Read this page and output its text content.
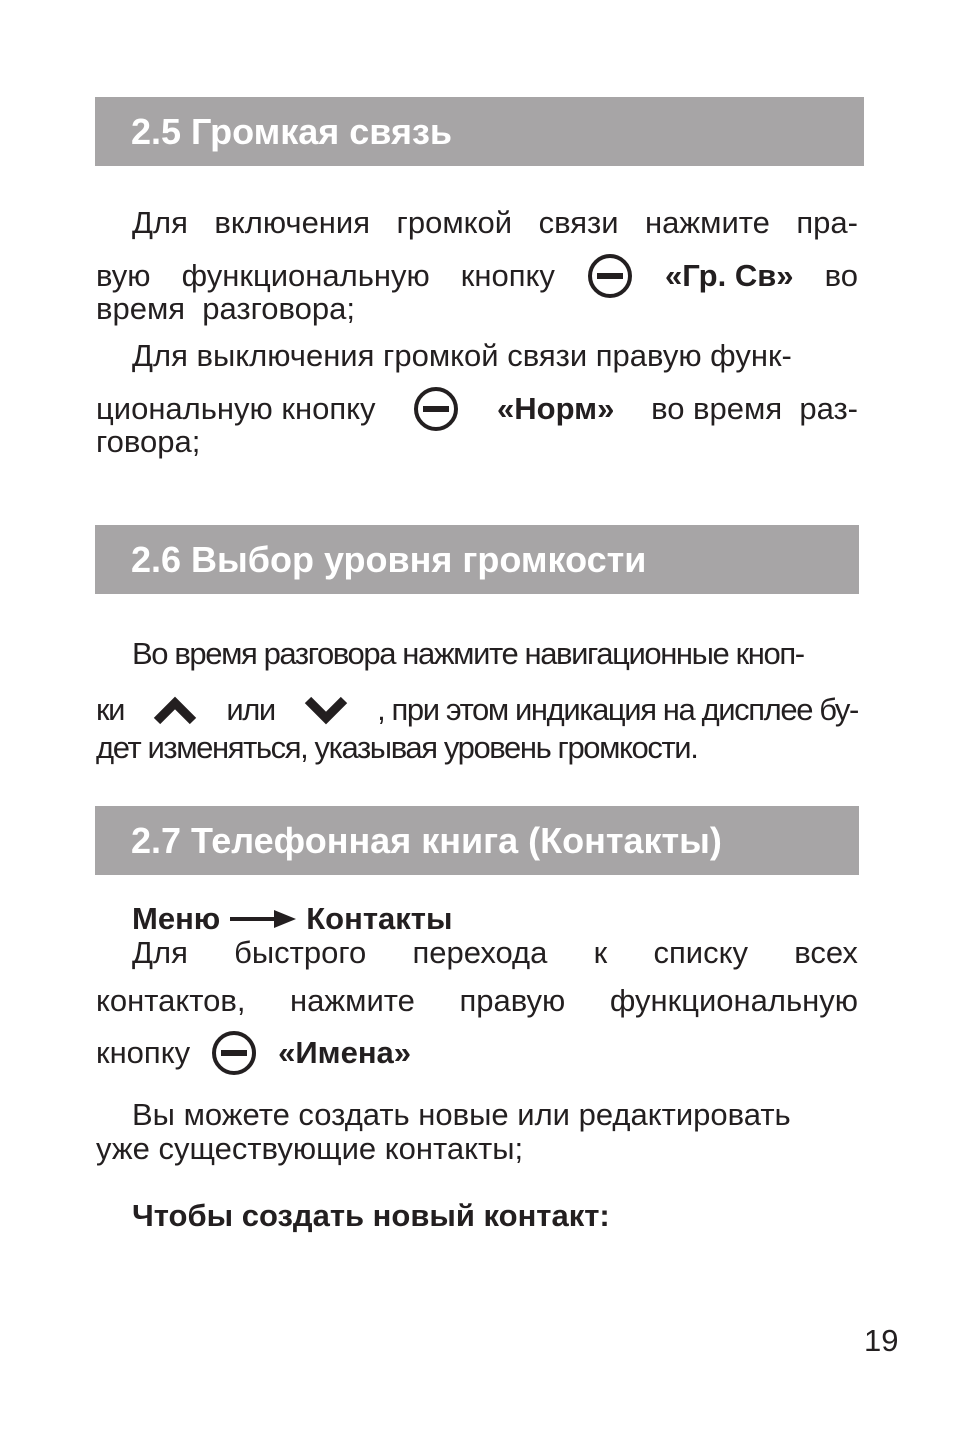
2.5 Громкая связь
Для включения громкой связи нажмите пра-
вую функциональную кнопку	«Гр. Св» во
время  разговора;
Для выключения громкой связи правую функ-
циональную кнопку	«Норм» во время  раз-
говора;
2.6 Выбор уровня громкости
Во время разговора нажмите навигационные кноп-
ки	или	, при этом индикация на дисплее бу-
дет изменяться, указывая уровень громкости.
2.7 Телефонная книга (Контакты)
Меню	Контакты
Для быстрого перехода к списку всех
контактов, нажмите правую функциональную
кнопку	«Имена»
Вы можете создать новые или редактировать
уже существующие контакты;
Чтобы создать новый контакт:
19
